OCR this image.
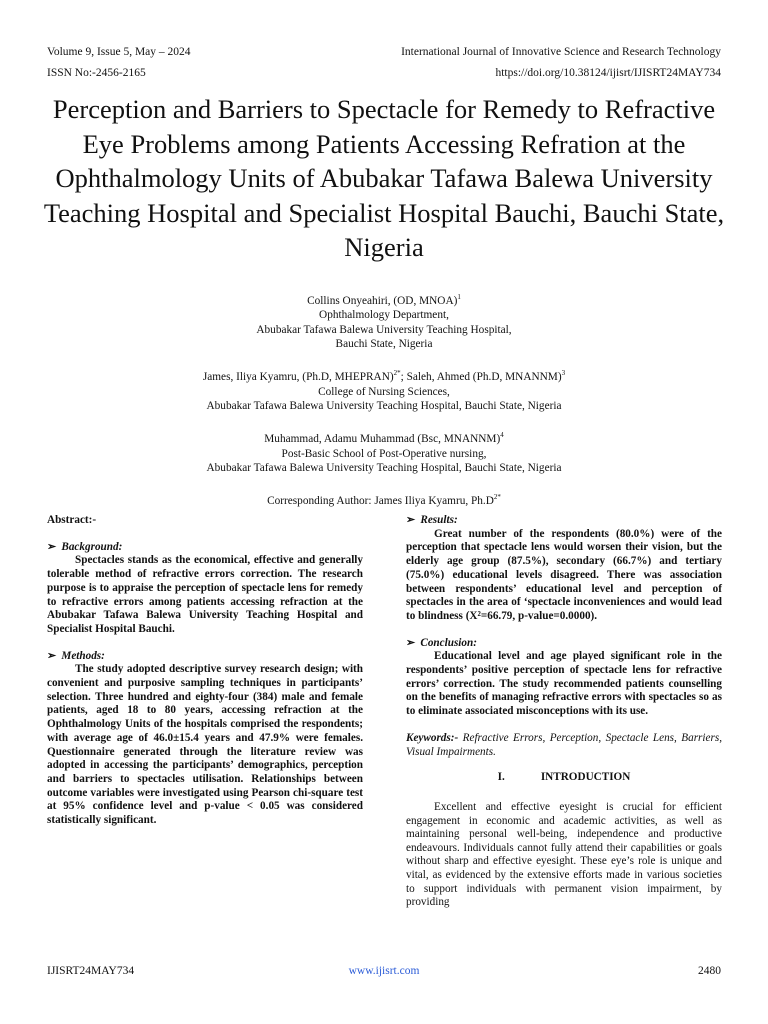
Volume 9, Issue 5, May – 2024	International Journal of Innovative Science and Research Technology
ISSN No:-2456-2165	https://doi.org/10.38124/ijisrt/IJISRT24MAY734
Perception and Barriers to Spectacle for Remedy to Refractive Eye Problems among Patients Accessing Refration at the Ophthalmology Units of Abubakar Tafawa Balewa University Teaching Hospital and Specialist Hospital Bauchi, Bauchi State, Nigeria
Collins Onyeahiri, (OD, MNOA)$^1$
Ophthalmology Department,
Abubakar Tafawa Balewa University Teaching Hospital,
Bauchi State, Nigeria
James, Iliya Kyamru, (Ph.D, MHEPRAN)$^{2*}$; Saleh, Ahmed (Ph.D, MNANNM)$^3$
College of Nursing Sciences,
Abubakar Tafawa Balewa University Teaching Hospital, Bauchi State, Nigeria
Muhammad, Adamu Muhammad (Bsc, MNANNM)$^4$
Post-Basic School of Post-Operative nursing,
Abubakar Tafawa Balewa University Teaching Hospital, Bauchi State, Nigeria
Corresponding Author: James Iliya Kyamru, $Ph.D^{2*}$
Abstract:-
➢ Background:

Spectacles stands as the economical, effective and generally tolerable method of refractive errors correction. The research purpose is to appraise the perception of spectacle lens for remedy to refractive errors among patients accessing refraction at the Abubakar Tafawa Balewa University Teaching Hospital and Specialist Hospital Bauchi.

➢ Methods:

The study adopted descriptive survey research design; with convenient and purposive sampling techniques in participants’ selection. Three hundred and eighty-four (384) male and female patients, aged 18 to 80 years, accessing refraction at the Ophthalmology Units of the hospitals comprised the respondents; with average age of 46.0±15.4 years and 47.9% were females. Questionnaire generated through the literature review was adopted in accessing the participants’ demographics, perception and barriers to spectacles utilisation. Relationships between outcome variables were investigated using Pearson chi-square test at 95% confidence level and p-value < 0.05 was considered statistically significant.

➢ Results:

Great number of the respondents (80.0%) were of the perception that spectacle lens would worsen their vision, but the elderly age group (87.5%), secondary (66.7%) and tertiary (75.0%) educational levels disagreed. There was association between respondents’ educational level and perception of spectacles in the area of ‘spectacle inconveniences and would lead to blindness (X²=66.79, p-value=0.0000).

➢ Conclusion:

Educational level and age played significant role in the respondents’ positive perception of spectacle lens for refractive errors’ correction. The study recommended patients counselling on the benefits of managing refractive errors with spectacles so as to eliminate associated misconceptions with its use.

Keywords:- Refractive Errors, Perception, Spectacle Lens, Barriers, Visual Impairments.

I.	INTRODUCTION

Excellent and effective eyesight is crucial for efficient engagement in economic and academic activities, as well as maintaining personal well-being, independence and productive endeavours. Individuals cannot fully attend their capabilities or goals without sharp and effective eyesight. These eye’s role is unique and vital, as evidenced by the extensive efforts made in various societies to support individuals with permanent vision impairment, by providing

IJISRT24MAY734	www.ijisrt.com	2480
